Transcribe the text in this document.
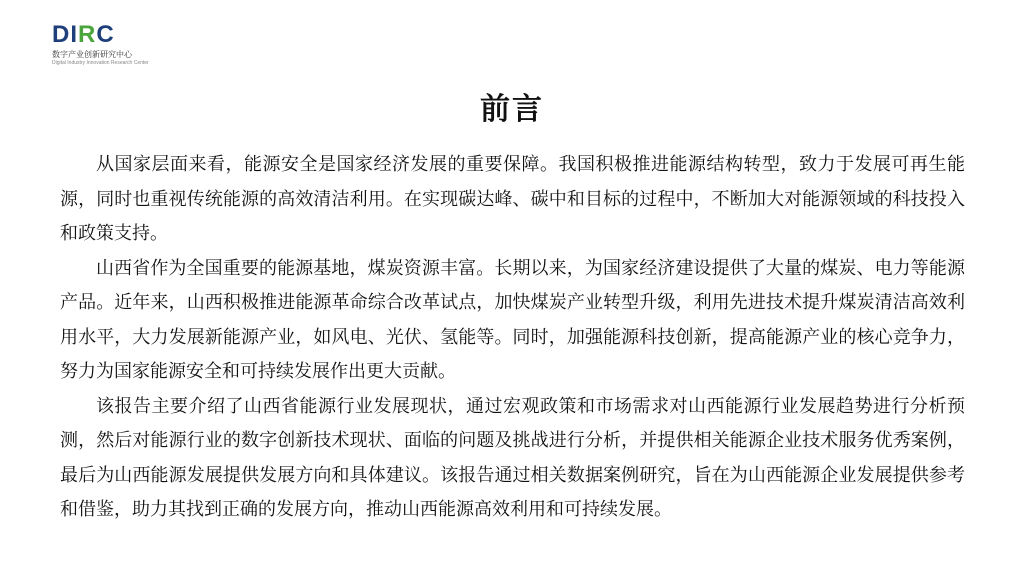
DIRC
数字产业创新研究中心
Digital Industry Innovation Research Center
前言

从国家层面来看，能源安全是国家经济发展的重要保障。我国积极推进能源结构转型，致力于发展可再生能源，同时也重视传统能源的高效清洁利用。在实现碳达峰、碳中和目标的过程中，不断加大对能源领域的科技投入和政策支持。

山西省作为全国重要的能源基地，煤炭资源丰富。长期以来，为国家经济建设提供了大量的煤炭、电力等能源产品。近年来，山西积极推进能源革命综合改革试点，加快煤炭产业转型升级，利用先进技术提升煤炭清洁高效利用水平，大力发展新能源产业，如风电、光伏、氢能等。同时，加强能源科技创新，提高能源产业的核心竞争力，努力为国家能源安全和可持续发展作出更大贡献。

该报告主要介绍了山西省能源行业发展现状，通过宏观政策和市场需求对山西能源行业发展趋势进行分析预测，然后对能源行业的数字创新技术现状、面临的问题及挑战进行分析，并提供相关能源企业技术服务优秀案例，最后为山西能源发展提供发展方向和具体建议。该报告通过相关数据案例研究，旨在为山西能源企业发展提供参考和借鉴，助力其找到正确的发展方向，推动山西能源高效利用和可持续发展。
